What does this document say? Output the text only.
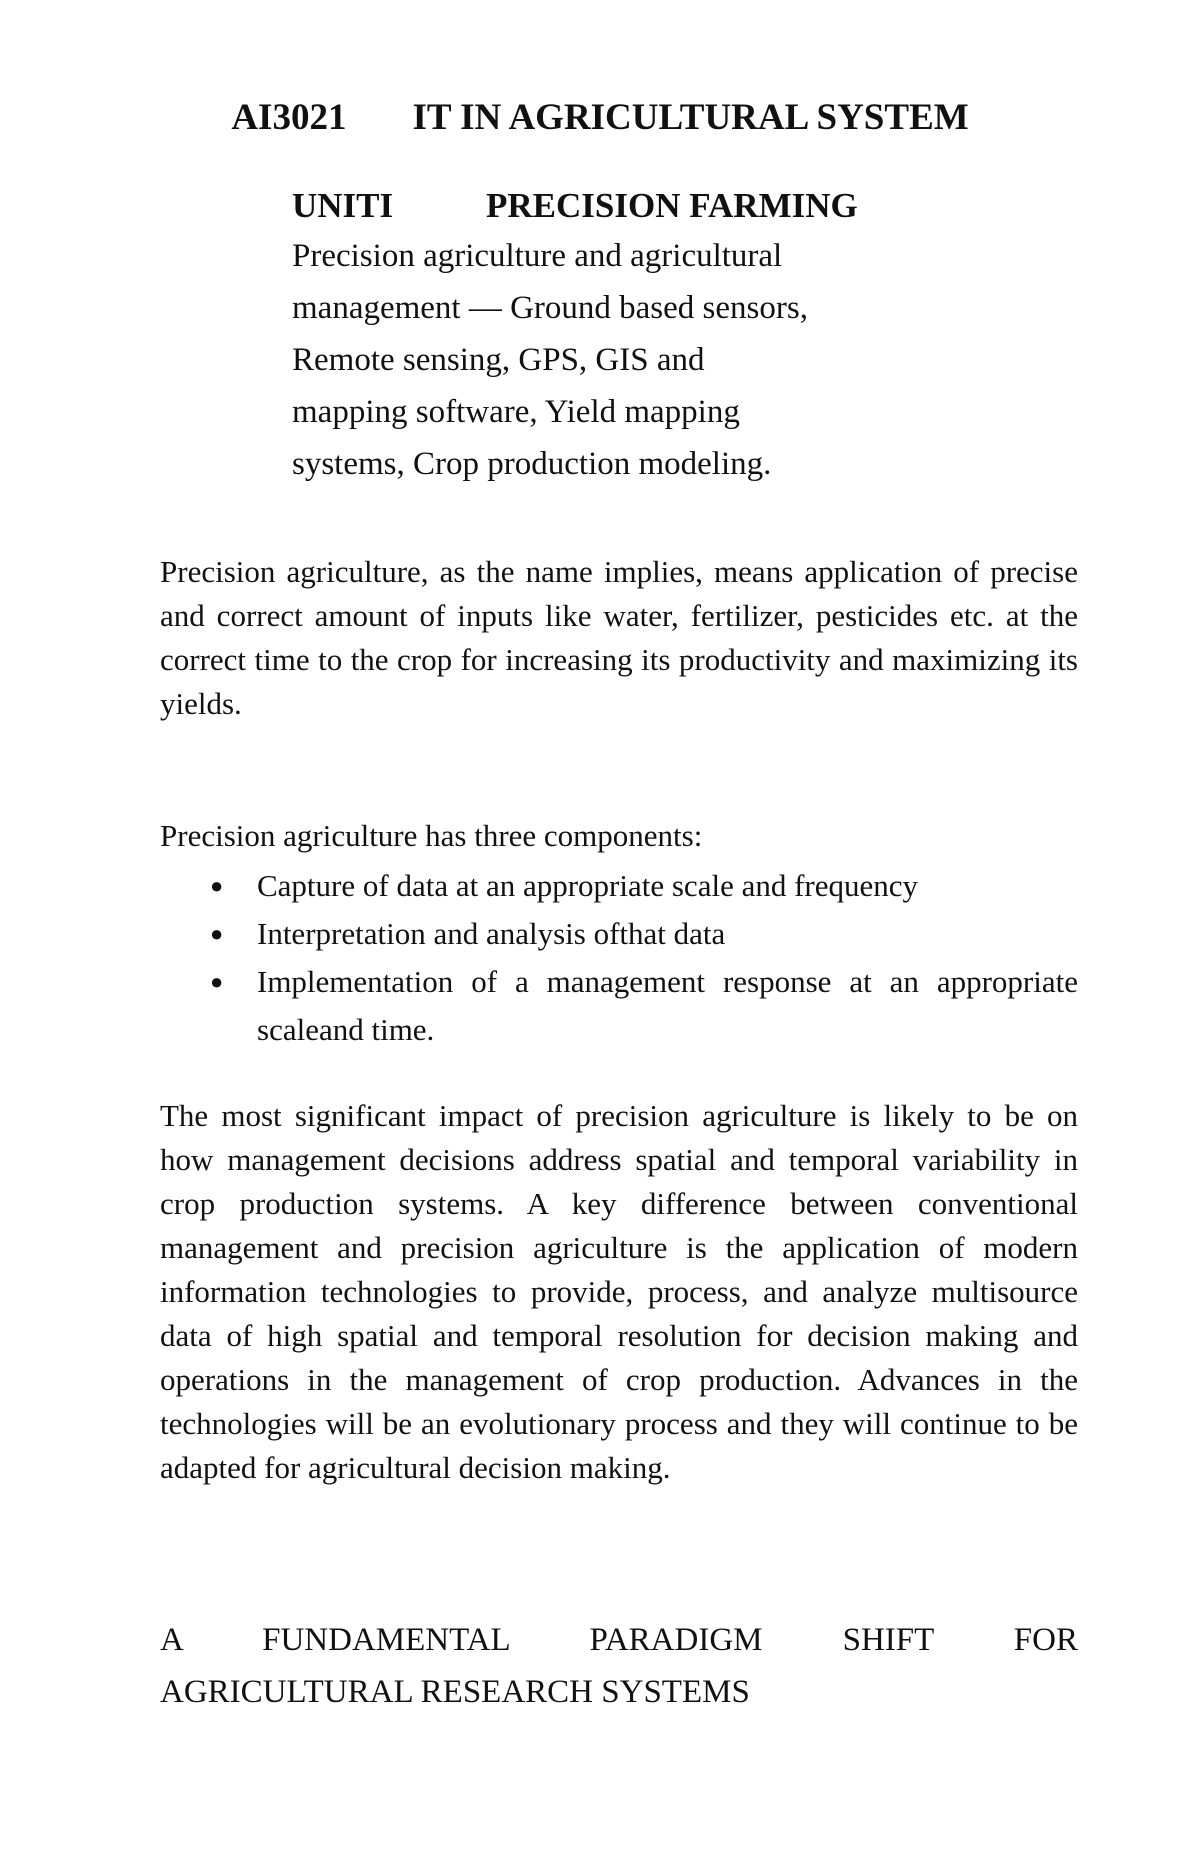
AI3021 IT IN AGRICULTURAL SYSTEM
UNITI	PRECISION FARMING
Precision agriculture and agricultural
management — Ground based sensors,
Remote sensing, GPS, GIS and
mapping software, Yield mapping
systems, Crop production modeling.

Precision agriculture, as the name implies, means application of precise and correct amount of inputs like water, fertilizer, pesticides etc. at the correct time to the crop for increasing its productivity and maximizing its yields.

Precision agriculture has three components:
● Capture of data at an appropriate scale and frequency
● Interpretation and analysis ofthat data
● Implementation of a management response at an appropriate scaleand time.

The most significant impact of precision agriculture is likely to be on how management decisions address spatial and temporal variability in crop production systems. A key difference between conventional management and precision agriculture is the application of modern information technologies to provide, process, and analyze multisource data of high spatial and temporal resolution for decision making and operations in the management of crop production. Advances in the technologies will be an evolutionary process and they will continue to be adapted for agricultural decision making.

A FUNDAMENTAL PARADIGM SHIFT FOR
AGRICULTURAL RESEARCH SYSTEMS
